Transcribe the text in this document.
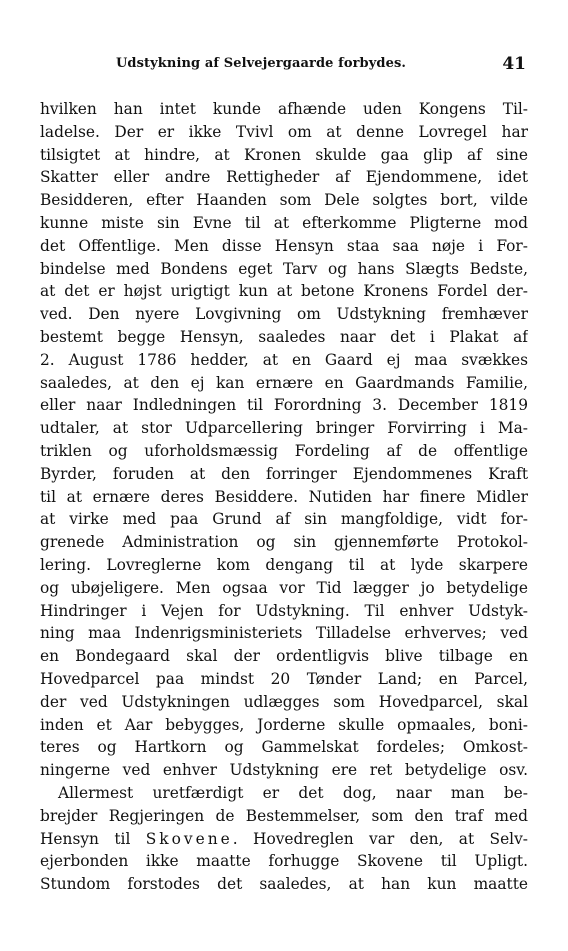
Udstykning af Selvejergaarde forbydes.	41
hvilken han intet kunde afhænde uden Kongens Til-
ladelse. Der er ikke Tvivl om at denne Lovregel har
tilsigtet at hindre, at Kronen skulde gaa glip af sine
Skatter eller andre Rettigheder af Ejendommene, idet
Besidderen, efter Haanden som Dele solgtes bort, vilde
kunne miste sin Evne til at efterkomme Pligterne mod
det Offentlige. Men disse Hensyn staa saa nøje i For-
bindelse med Bondens eget Tarv og hans Slægts Bedste,
at det er højst urigtigt kun at betone Kronens Fordel der-
ved. Den nyere Lovgivning om Udstykning fremhæver
bestemt begge Hensyn, saaledes naar det i Plakat af
2. August 1786 hedder, at en Gaard ej maa svækkes
saaledes, at den ej kan ernære en Gaardmands Familie,
eller naar Indledningen til Forordning 3. December 1819
udtaler, at stor Udparcellering bringer Forvirring i Ma-
triklen og uforholdsmæssig Fordeling af de offentlige
Byrder, foruden at den forringer Ejendommenes Kraft
til at ernære deres Besiddere. Nutiden har finere Midler
at virke med paa Grund af sin mangfoldige, vidt for-
grenede Administration og sin gjennemførte Protokol-
lering. Lovreglerne kom dengang til at lyde skarpere
og ubøjeligere. Men ogsaa vor Tid lægger jo betydelige
Hindringer i Vejen for Udstykning. Til enhver Udstyk-
ning maa Indenrigsministeriets Tilladelse erhverves; ved
en Bondegaard skal der ordentligvis blive tilbage en
Hovedparcel paa mindst 20 Tønder Land; en Parcel,
der ved Udstykningen udlægges som Hovedparcel, skal
inden et Aar bebygges, Jorderne skulle opmaales, boni-
teres og Hartkorn og Gammelskat fordeles; Omkost-
ningerne ved enhver Udstykning ere ret betydelige osv.
Allermest uretfærdigt er det dog, naar man be-
brejder Regjeringen de Bestemmelser, som den traf med
Hensyn til Skovene. Hovedreglen var den, at Selv-
ejerbonden ikke maatte forhugge Skovene til Upligt.
Stundom forstodes det saaledes, at han kun maatte
